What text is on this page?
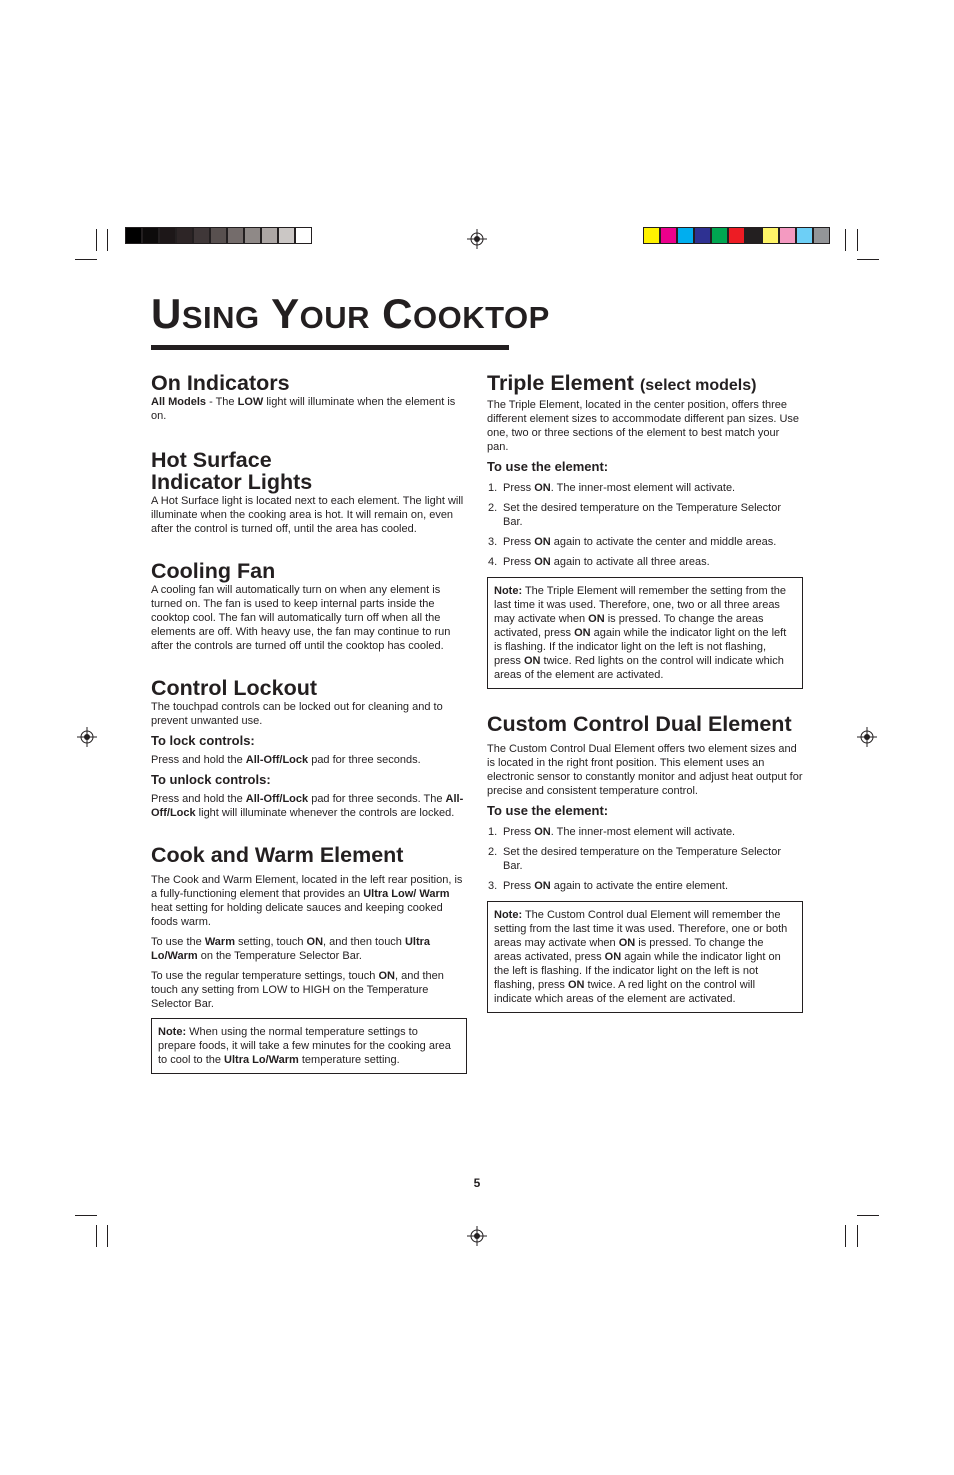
USING YOUR COOKTOP
On Indicators

All Models - The LOW light will illuminate when the element is on.

Hot Surface
Indicator Lights

A Hot Surface light is located next to each element. The light will illuminate when the cooking area is hot. It will remain on, even after the control is turned off, until the area has cooled.

Cooling Fan

A cooling fan will automatically turn on when any element is turned on. The fan is used to keep internal parts inside the cooktop cool. The fan will automatically turn off when all the elements are off. With heavy use, the fan may continue to run after the controls are turned off until the cooktop has cooled.

Control Lockout

The touchpad controls can be locked out for cleaning and to prevent unwanted use.

To lock controls:

Press and hold the All-Off/Lock pad for three seconds.

To unlock controls:

Press and hold the All-Off/Lock pad for three seconds. The All-Off/Lock light will illuminate whenever the controls are locked.

Cook and Warm Element

The Cook and Warm Element, located in the left rear position, is a fully-functioning element that provides an Ultra Low/ Warm heat setting for holding delicate sauces and keeping cooked foods warm.

To use the Warm setting, touch ON, and then touch Ultra Lo/Warm on the Temperature Selector Bar.

To use the regular temperature settings, touch ON, and then touch any setting from LOW to HIGH on the Temperature Selector Bar.

Note: When using the normal temperature settings to prepare foods, it will take a few minutes for the cooking area to cool to the Ultra Lo/Warm temperature setting.
Triple Element (select models)

The Triple Element, located in the center position, offers three different element sizes to accommodate different pan sizes. Use one, two or three sections of the element to best match your pan.

To use the element:
1. Press ON. The inner-most element will activate.
2. Set the desired temperature on the Temperature Selector Bar.
3. Press ON again to activate the center and middle areas.
4. Press ON again to activate all three areas.
Note: The Triple Element will remember the setting from the last time it was used. Therefore, one, two or all three areas may activate when ON is pressed. To change the areas activated, press ON again while the indicator light on the left is flashing. If the indicator light on the left is not flashing, press ON twice. Red lights on the control will indicate which areas of the element are activated.
Custom Control Dual Element

The Custom Control Dual Element offers two element sizes and is located in the right front position. This element uses an electronic sensor to constantly monitor and adjust heat output for precise and consistent temperature control.

To use the element:
1. Press ON. The inner-most element will activate.
2. Set the desired temperature on the Temperature Selector Bar.
3. Press ON again to activate the entire element.
Note: The Custom Control dual Element will remember the setting from the last time it was used. Therefore, one or both areas may activate when ON is pressed. To change the areas activated, press ON again while the indicator light on the left is flashing. If the indicator light on the left is not flashing, press ON twice. A red light on the control will indicate which areas of the element are activated.
5
